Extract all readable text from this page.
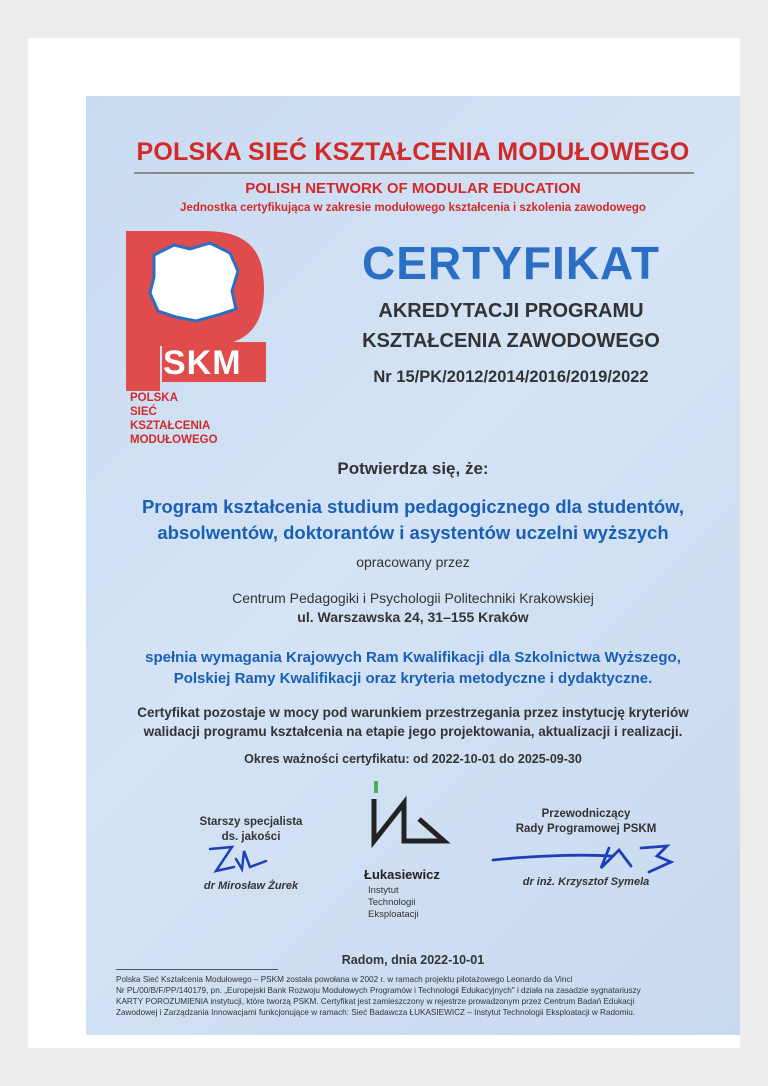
POLSKA SIEĆ KSZTAŁCENIA MODUŁOWEGO
POLISH NETWORK OF MODULAR EDUCATION
Jednostka certyfikująca w zakresie modułowego kształcenia i szkolenia zawodowego
SKM
POLSKA
SIEĆ
KSZTAŁCENIA
MODUŁOWEGO
CERTYFIKAT
AKREDYTACJI PROGRAMU
KSZTAŁCENIA ZAWODOWEGO
Nr 15/PK/2012/2014/2016/2019/2022
Potwierdza się, że:
Program kształcenia studium pedagogicznego dla studentów,
absolwentów, doktorantów i asystentów uczelni wyższych
opracowany przez
Centrum Pedagogiki i Psychologii Politechniki Krakowskiej
ul. Warszawska 24, 31–155 Kraków
spełnia wymagania Krajowych Ram Kwalifikacji dla Szkolnictwa Wyższego,
Polskiej Ramy Kwalifikacji oraz kryteria metodyczne i dydaktyczne.
Certyfikat pozostaje w mocy pod warunkiem przestrzegania przez instytucję kryteriów
walidacji programu kształcenia na etapie jego projektowania, aktualizacji i realizacji.
Okres ważności certyfikatu: od 2022-10-01 do 2025-09-30
Starszy specjalista
ds. jakości
dr Mirosław Żurek
Łukasiewicz
Instytut
Technologii
Eksploatacji
Przewodniczący
Rady Programowej PSKM
dr inż. Krzysztof Symela
Radom, dnia 2022-10-01
Polska Sieć Kształcenia Modułowego – PSKM została powołana w 2002 r. w ramach projektu pilotażowego Leonardo da Vinci
Nr PL/00/B/F/PP/140179, pn. „Europejski Bank Rozwoju Modułowych Programów i Technologii Edukacyjnych" i działa na zasadzie sygnatariuszy
KARTY POROZUMIENIA instytucji, które tworzą PSKM. Certyfikat jest zamieszczony w rejestrze prowadzonym przez Centrum Badań Edukacji
Zawodowej i Zarządzania Innowacjami funkcjonujące w ramach: Sieć Badawcza ŁUKASIEWICZ – Instytut Technologii Eksploatacji w Radomiu.
